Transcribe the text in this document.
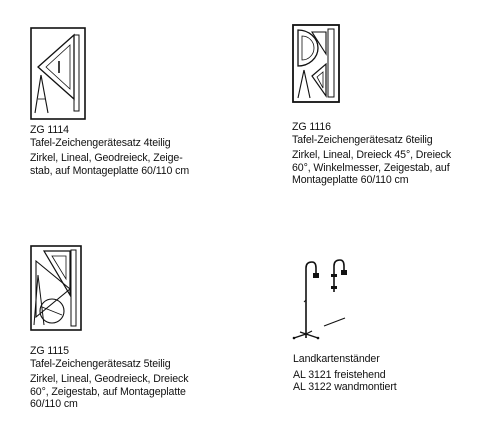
ZG 1114
Tafel-Zeichengerätesatz 4teilig
Zirkel, Lineal, Geodreieck, Zeige-
stab, auf Montageplatte 60/110 cm
ZG 1116
Tafel-Zeichengerätesatz 6teilig
Zirkel, Lineal, Dreieck 45°, Dreieck
60°, Winkelmesser, Zeigestab, auf
Montageplatte 60/110 cm
ZG 1115
Tafel-Zeichengerätesatz 5teilig
Zirkel, Lineal, Geodreieck, Dreieck
60°, Zeigestab, auf Montageplatte
60/110 cm
Landkartenständer
AL 3121 freistehend
AL 3122 wandmontiert
